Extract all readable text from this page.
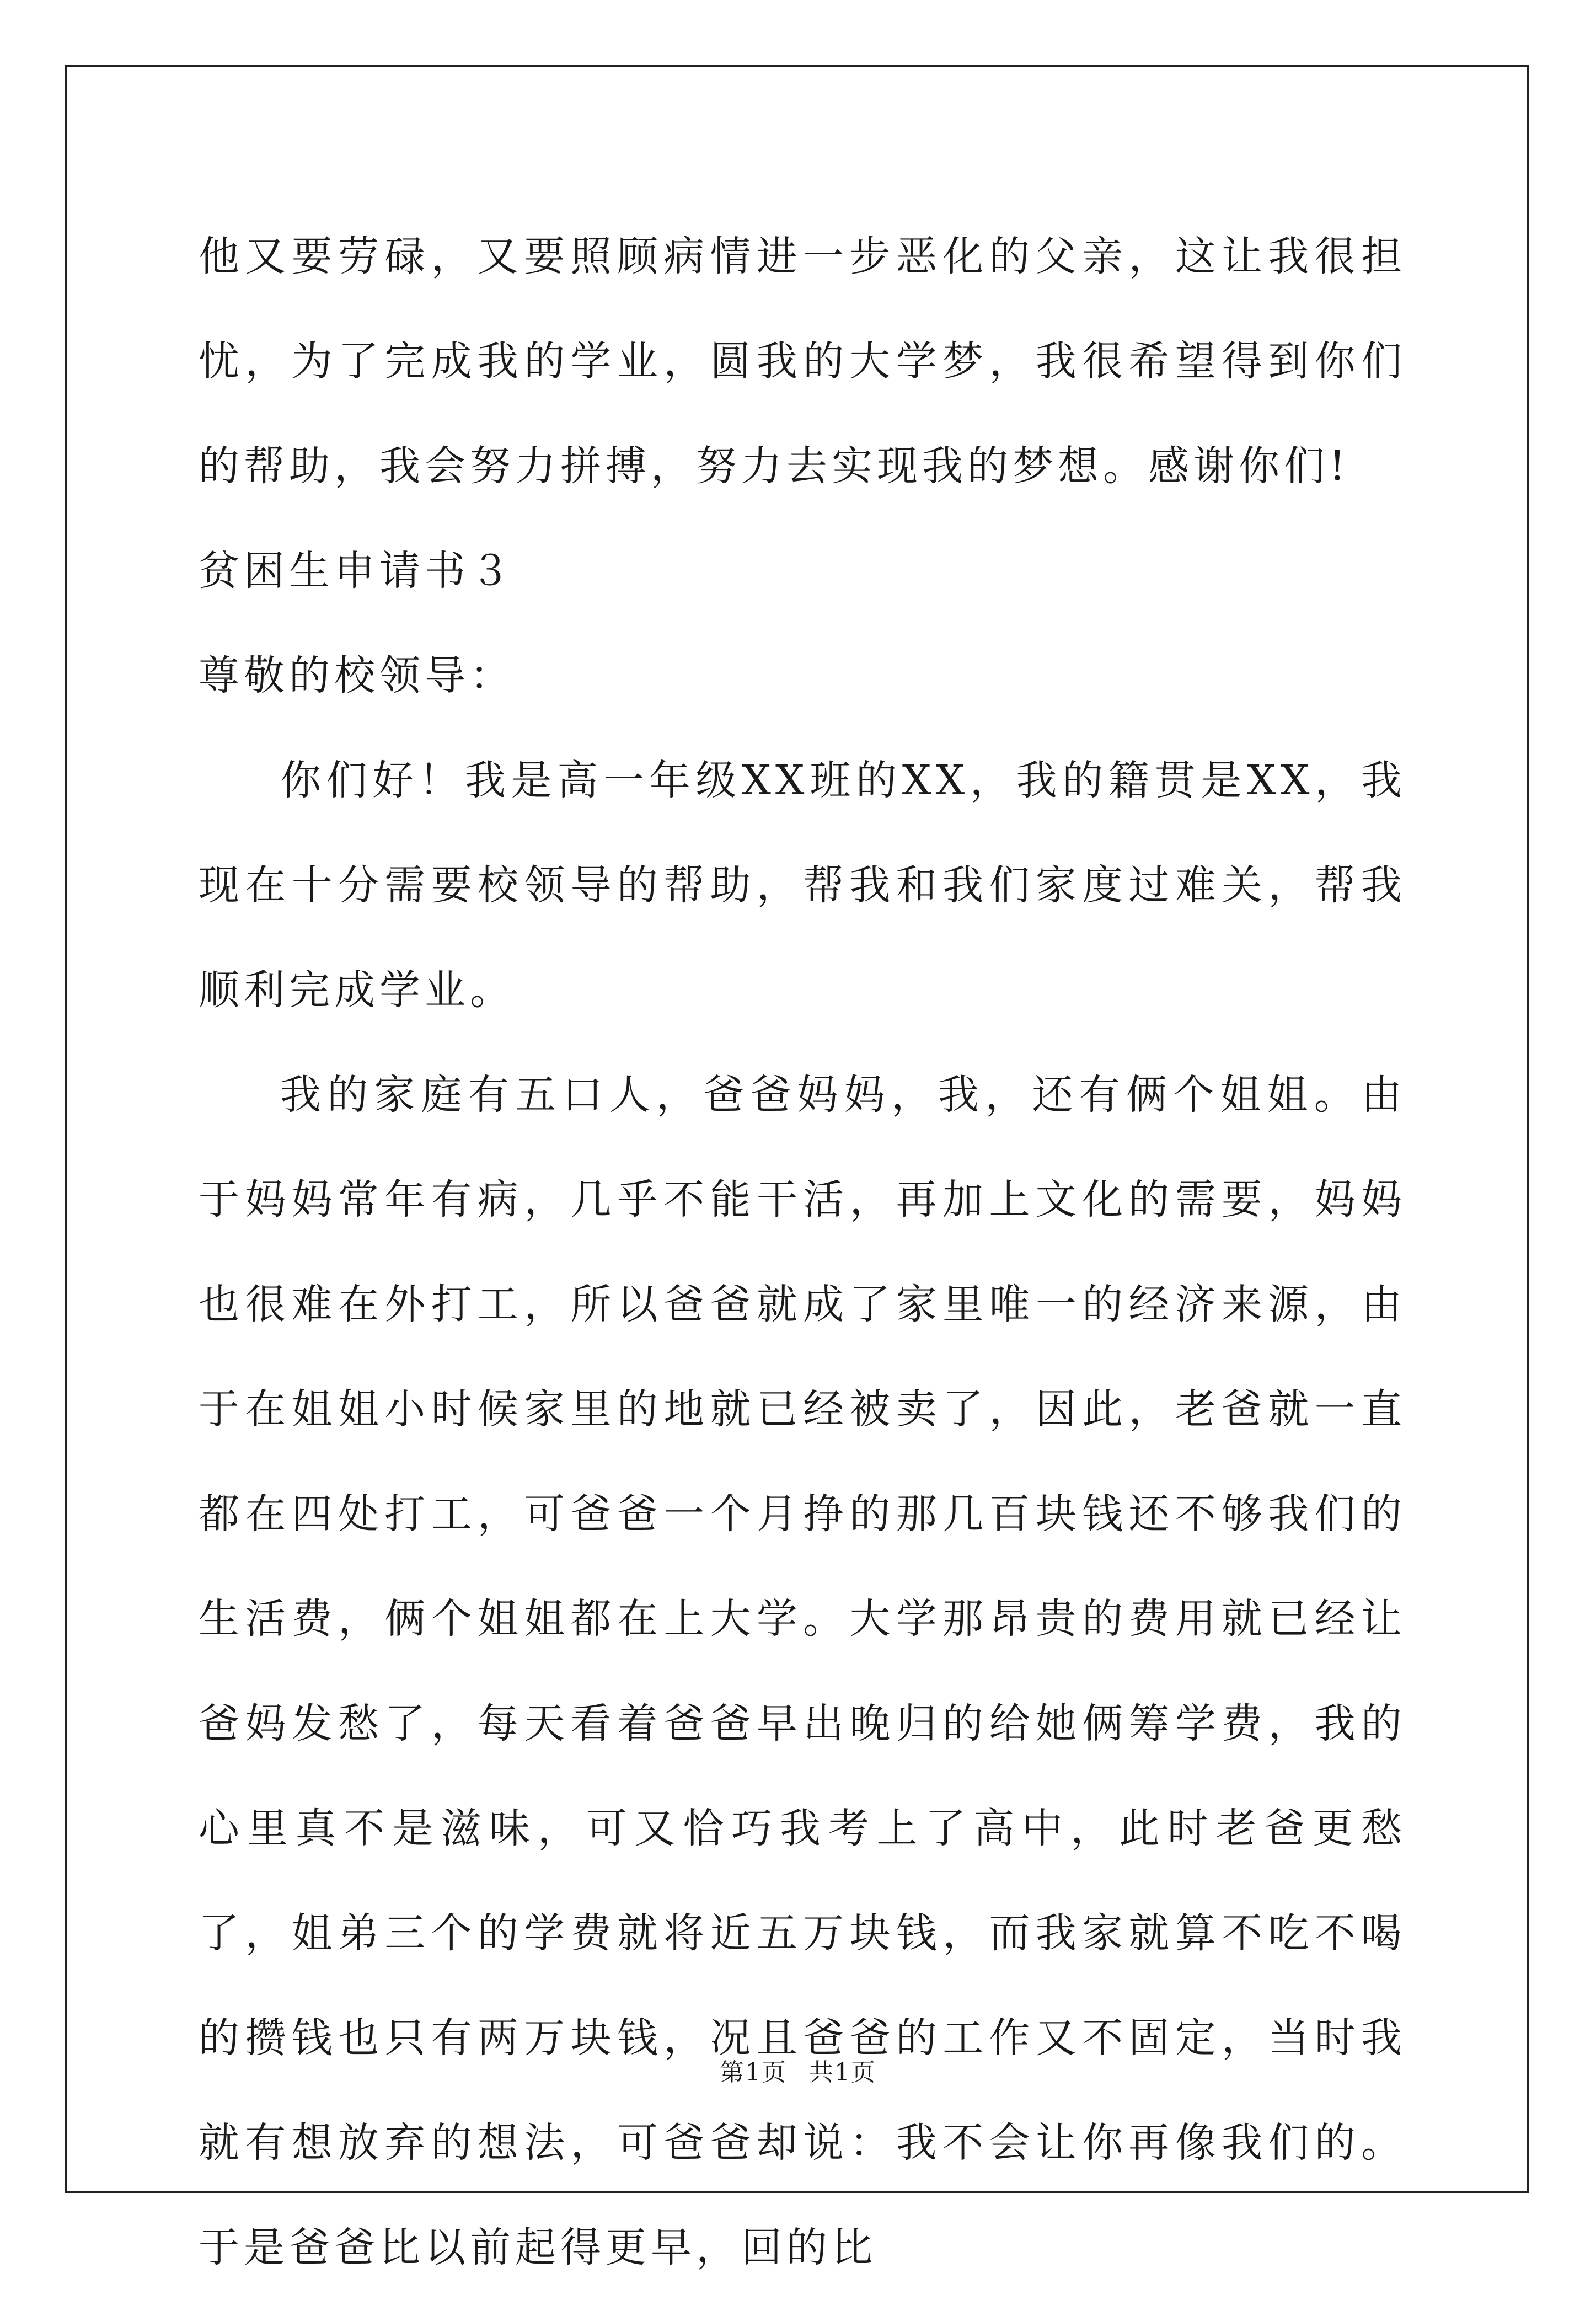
他又要劳碌，又要照顾病情进一步恶化的父亲，这让我很担忧，为了完成我的学业，圆我的大学梦，我很希望得到你们的帮助，我会努力拼搏，努力去实现我的梦想。感谢你们!

贫困生申请书３

尊敬的校领导：

你们好！我是高一年级XX班的XX，我的籍贯是XX，我现在十分需要校领导的帮助，帮我和我们家度过难关，帮我顺利完成学业。

我的家庭有五口人，爸爸妈妈，我，还有俩个姐姐。由于妈妈常年有病，几乎不能干活，再加上文化的需要，妈妈也很难在外打工，所以爸爸就成了家里唯一的经济来源，由于在姐姐小时候家里的地就已经被卖了，因此，老爸就一直都在四处打工，可爸爸一个月挣的那几百块钱还不够我们的生活费，俩个姐姐都在上大学。大学那昂贵的费用就已经让爸妈发愁了，每天看着爸爸早出晚归的给她俩筹学费，我的心里真不是滋味，可又恰巧我考上了高中，此时老爸更愁了，姐弟三个的学费就将近五万块钱，而我家就算不吃不喝的攒钱也只有两万块钱，况且爸爸的工作又不固定，当时我就有想放弃的想法，可爸爸却说：我不会让你再像我们的。于是爸爸比以前起得更早，回的比

第1页 共1页
